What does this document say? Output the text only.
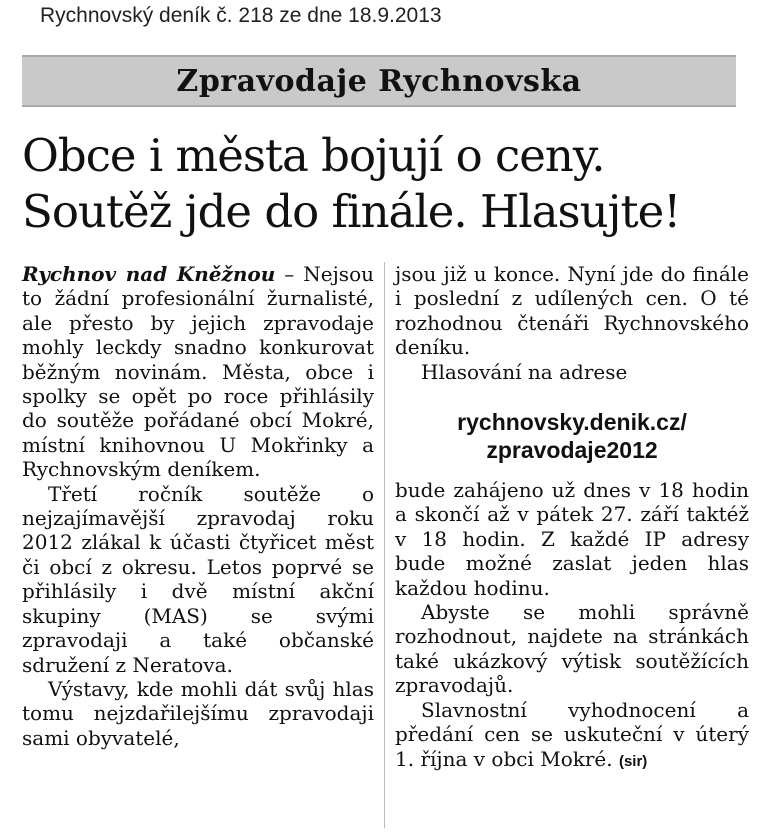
Rychnovský deník č. 218 ze dne 18.9.2013
Zpravodaje Rychnovska
Obce i města bojují o ceny.
Soutěž jde do finále. Hlasujte!

Rychnov nad Kněžnou – Nejsou to žádní profesionální žurnalisté, ale přesto by jejich zpravodaje mohly leckdy snadno konkurovat běžným novinám. Města, obce i spolky se opět po roce přihlásily do soutěže pořádané obcí Mokré, místní knihovnou U Mokřinky a Rychnovským deníkem.

Třetí ročník soutěže o nejzajímavější zpravodaj roku 2012 zlákal k účasti čtyřicet měst či obcí z okresu. Letos poprvé se přihlásily i dvě místní akční skupiny (MAS) se svými zpravodaji a také občanské sdružení z Neratova.

Výstavy, kde mohli dát svůj hlas tomu nejzdařilejšímu zpravodaji sami obyvatelé,

jsou již u konce. Nyní jde do finále i poslední z udílených cen. O té rozhodnou čtenáři Rychnovského deníku.

Hlasování na adrese

rychnovsky.denik.cz/
zpravodaje2012

bude zahájeno už dnes v 18 hodin a skončí až v pátek 27. září taktéž v 18 hodin. Z každé IP adresy bude možné zaslat jeden hlas každou hodinu.

Abyste se mohli správně rozhodnout, najdete na stránkách také ukázkový výtisk soutěžících zpravodajů.

Slavnostní vyhodnocení a předání cen se uskuteční v úterý 1. října v obci Mokré. (sir)
